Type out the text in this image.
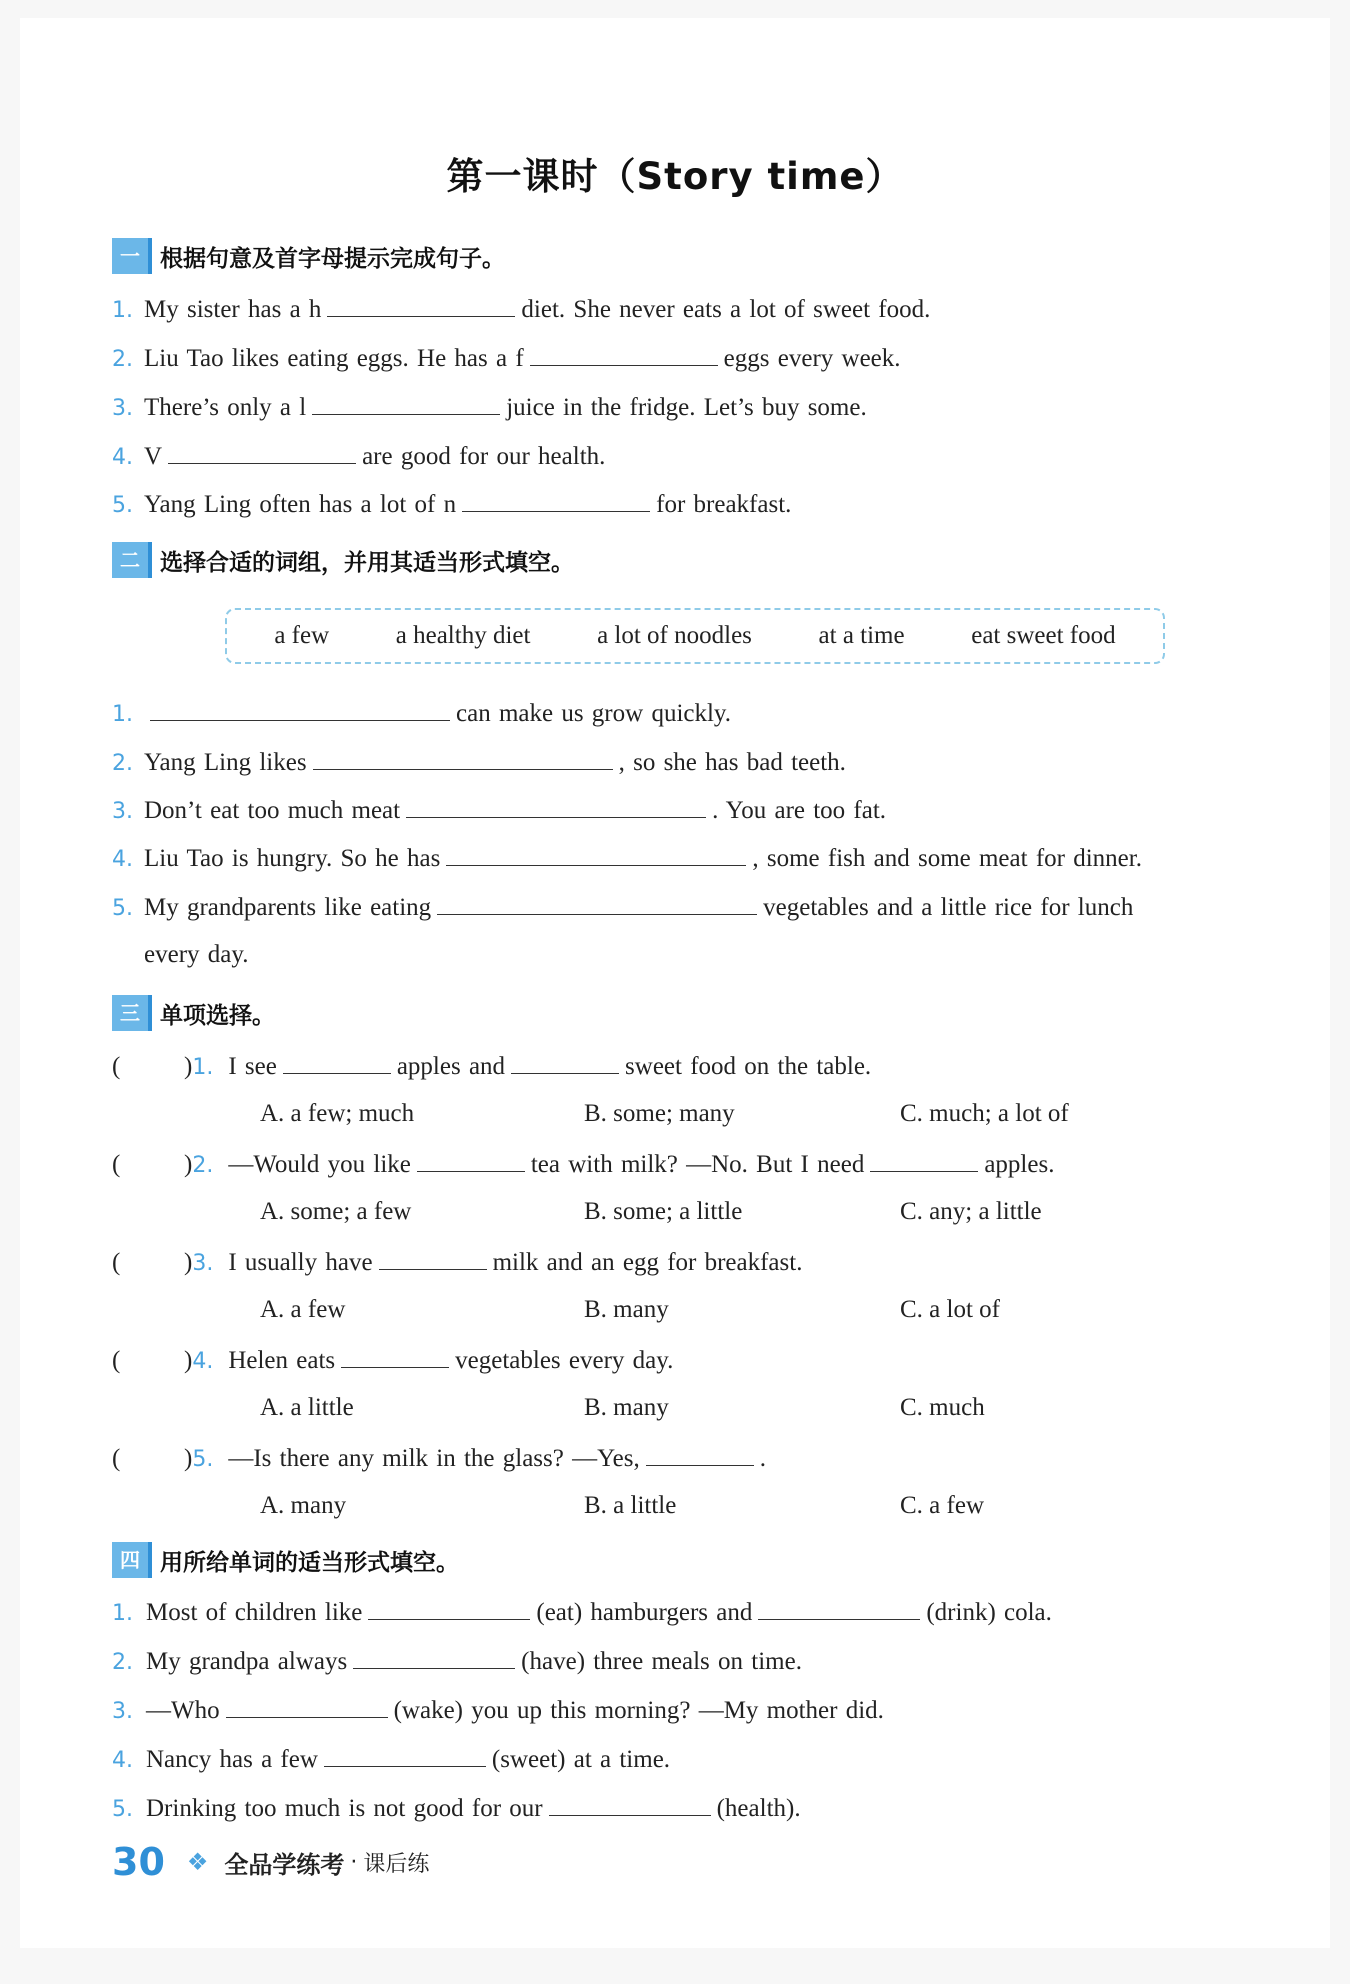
第一课时（Story time）
一 根据句意及首字母提示完成句子。
1. My sister has a h	diet. She never eats a lot of sweet food.
2. Liu Tao likes eating eggs. He has a f	eggs every week.
3. There’s only a l	juice in the fridge. Let’s buy some.
4. V	are good for our health.
5. Yang Ling often has a lot of n	for breakfast.
二 选择合适的词组，并用其适当形式填空。
a few	a healthy diet	a lot of noodles	at a time	eat sweet food
1.	can make us grow quickly.
2. Yang Ling likes	, so she has bad teeth.
3. Don’t eat too much meat	. You are too fat.
4. Liu Tao is hungry. So he has	, some fish and some meat for dinner.
5. My grandparents like eating	vegetables and a little rice for lunch
every day.
三 单项选择。
(	)1. I see	apples and	sweet food on the table.
A. a few; much	B. some; many	C. much; a lot of
(	)2. —Would you like	tea with milk? —No. But I need	apples.
A. some; a few	B. some; a little	C. any; a little
(	)3. I usually have	milk and an egg for breakfast.
A. a few	B. many	C. a lot of
(	)4. Helen eats	vegetables every day.
A. a little	B. many	C. much
(	)5. —Is there any milk in the glass? —Yes,	.
A. many	B. a little	C. a few
四 用所给单词的适当形式填空。
1. Most of children like	(eat) hamburgers and	(drink) cola.
2. My grandpa always	(have) three meals on time.
3. —Who	(wake) you up this morning? —My mother did.
4. Nancy has a few	(sweet) at a time.
5. Drinking too much is not good for our	(health).
30 ❖ 全品学练考 · 课后练
